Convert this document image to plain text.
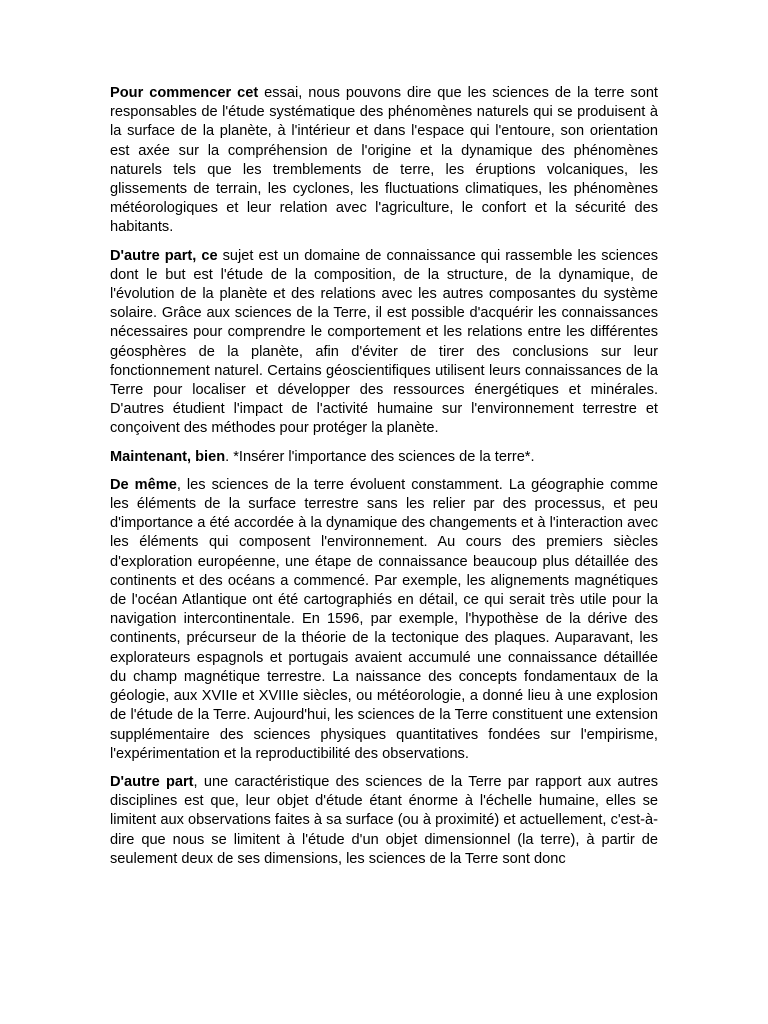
Pour commencer cet essai, nous pouvons dire que les sciences de la terre sont responsables de l'étude systématique des phénomènes naturels qui se produisent à la surface de la planète, à l'intérieur et dans l'espace qui l'entoure, son orientation est axée sur la compréhension de l'origine et la dynamique des phénomènes naturels tels que les tremblements de terre, les éruptions volcaniques, les glissements de terrain, les cyclones, les fluctuations climatiques, les phénomènes météorologiques et leur relation avec l'agriculture, le confort et la sécurité des habitants.

D'autre part, ce sujet est un domaine de connaissance qui rassemble les sciences dont le but est l'étude de la composition, de la structure, de la dynamique, de l'évolution de la planète et des relations avec les autres composantes du système solaire. Grâce aux sciences de la Terre, il est possible d'acquérir les connaissances nécessaires pour comprendre le comportement et les relations entre les différentes géosphères de la planète, afin d'éviter de tirer des conclusions sur leur fonctionnement naturel. Certains géoscientifiques utilisent leurs connaissances de la Terre pour localiser et développer des ressources énergétiques et minérales. D'autres étudient l'impact de l'activité humaine sur l'environnement terrestre et conçoivent des méthodes pour protéger la planète.

Maintenant, bien. *Insérer l'importance des sciences de la terre*.

De même, les sciences de la terre évoluent constamment. La géographie comme les éléments de la surface terrestre sans les relier par des processus, et peu d'importance a été accordée à la dynamique des changements et à l'interaction avec les éléments qui composent l'environnement. Au cours des premiers siècles d'exploration européenne, une étape de connaissance beaucoup plus détaillée des continents et des océans a commencé. Par exemple, les alignements magnétiques de l'océan Atlantique ont été cartographiés en détail, ce qui serait très utile pour la navigation intercontinentale. En 1596, par exemple, l'hypothèse de la dérive des continents, précurseur de la théorie de la tectonique des plaques. Auparavant, les explorateurs espagnols et portugais avaient accumulé une connaissance détaillée du champ magnétique terrestre. La naissance des concepts fondamentaux de la géologie, aux XVIIe et XVIIIe siècles, ou météorologie, a donné lieu à une explosion de l'étude de la Terre. Aujourd'hui, les sciences de la Terre constituent une extension supplémentaire des sciences physiques quantitatives fondées sur l'empirisme, l'expérimentation et la reproductibilité des observations.

D'autre part, une caractéristique des sciences de la Terre par rapport aux autres disciplines est que, leur objet d'étude étant énorme à l'échelle humaine, elles se limitent aux observations faites à sa surface (ou à proximité) et actuellement, c'est-à-dire que nous se limitent à l'étude d'un objet dimensionnel (la terre), à partir de seulement deux de ses dimensions, les sciences de la Terre sont donc
